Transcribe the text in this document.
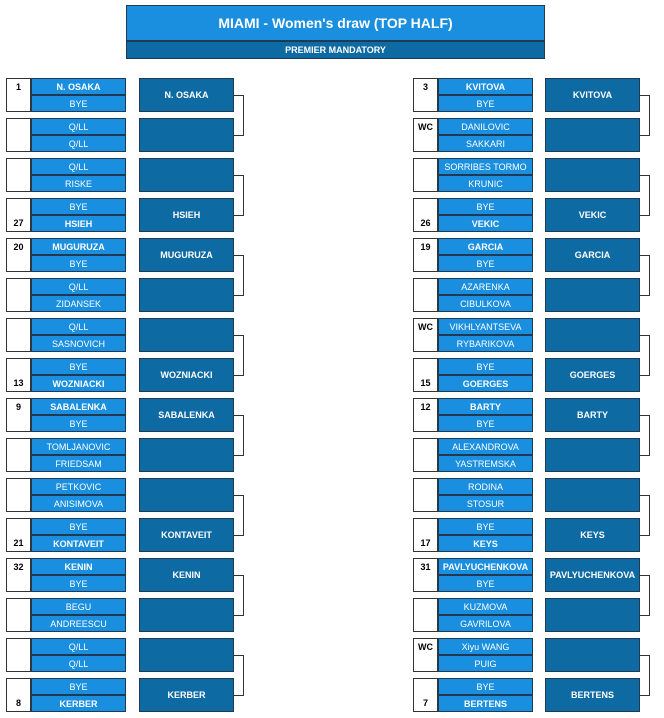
MIAMI - Women's draw (TOP HALF)
PREMIER MANDATORY
1	N. OSAKA
BYE
N. OSAKA
Q/LL
Q/LL
Q/LL
RISKE
27
BYE
HSIEH
HSIEH
20	MUGURUZA
BYE
MUGURUZA
Q/LL
ZIDANSEK
Q/LL
SASNOVICH
13
BYE
WOZNIACKI
WOZNIACKI
9	SABALENKA
BYE
SABALENKA
TOMLJANOVIC
FRIEDSAM
PETKOVIC
ANISIMOVA
21
BYE
KONTAVEIT
KONTAVEIT
32	KENIN
BYE
KENIN
BEGU
ANDREESCU
Q/LL
Q/LL
8
BYE
KERBER
KERBER
3	KVITOVA
BYE
KVITOVA
WC	DANILOVIC
SAKKARI
SORRIBES TORMO
KRUNIC
26
BYE
VEKIC
VEKIC
19	GARCIA
BYE
GARCIA
AZARENKA
CIBULKOVA
WC	VIKHLYANTSEVA
RYBARIKOVA
15
BYE
GOERGES
GOERGES
12	BARTY
BYE
BARTY
ALEXANDROVA
YASTREMSKA
RODINA
STOSUR
17
BYE
KEYS
KEYS
31	PAVLYUCHENKOVA
BYE
PAVLYUCHENKOVA
KUZMOVA
GAVRILOVA
WC	Xiyu WANG
PUIG
7
BYE
BERTENS
BERTENS
